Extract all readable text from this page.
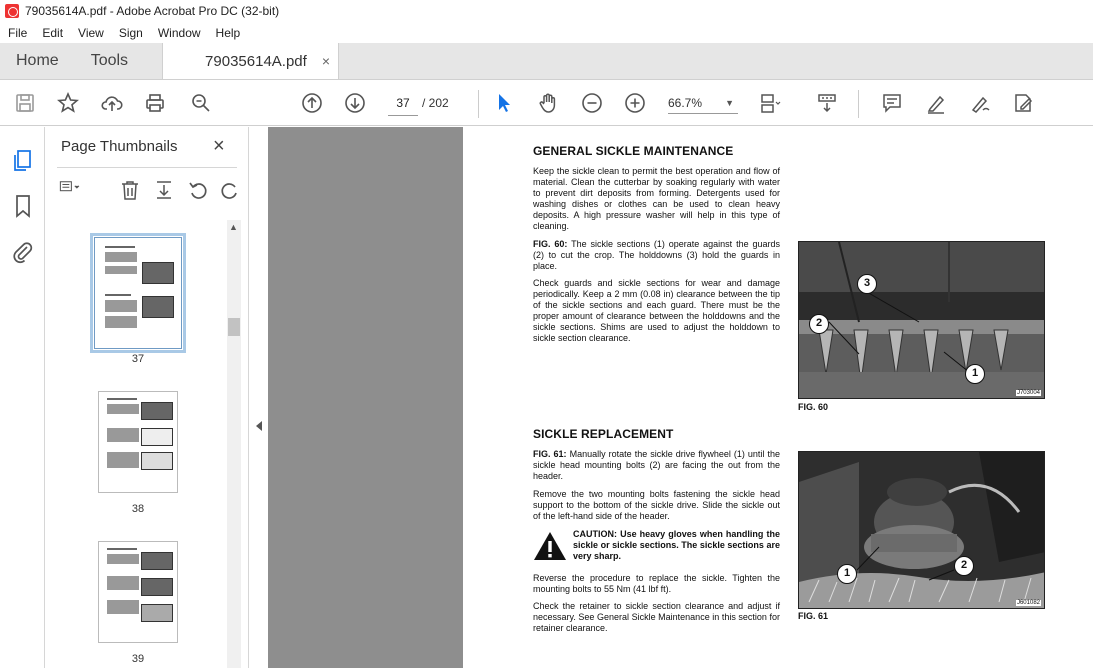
79035614A.pdf - Adobe Acrobat Pro DC (32-bit)
File	Edit	View	Sign	Window	Help
Home	Tools	79035614A.pdf ×
37	/ 202	66.7%	▼
Page Thumbnails ×
37
38
39
▲
GENERAL SICKLE MAINTENANCE
Keep the sickle clean to permit the best operation and flow of material. Clean the cutterbar by soaking regularly with water to prevent dirt deposits from forming. Detergents used for washing dishes or clothes can be used to clean heavy deposits. A high pressure washer will help in this type of cleaning.
FIG. 60: The sickle sections (1) operate against the guards (2) to cut the crop. The holddowns (3) hold the guards in place.
Check guards and sickle sections for wear and damage periodically. Keep a 2 mm (0.08 in) clearance between the tip of the sickle sections and each guard. There must be the proper amount of clearance between the holddowns and the sickle sections. Shims are used to adjust the holddown to sickle section clearance.
3
2
1
J703004
FIG. 60
SICKLE REPLACEMENT
FIG. 61: Manually rotate the sickle drive flywheel (1) until the sickle head mounting bolts (2) are facing the out from the header.
Remove the two mounting bolts fastening the sickle head support to the bottom of the sickle drive. Slide the sickle out of the left-hand side of the header.
CAUTION: Use heavy gloves when handling the sickle or sickle sections. The sickle sections are very sharp.
Reverse the procedure to replace the sickle. Tighten the mounting bolts to 55 Nm (41 lbf ft).
Check the retainer to sickle section clearance and adjust if necessary. See General Sickle Maintenance in this section for retainer clearance.
1
2
J601082
FIG. 61
